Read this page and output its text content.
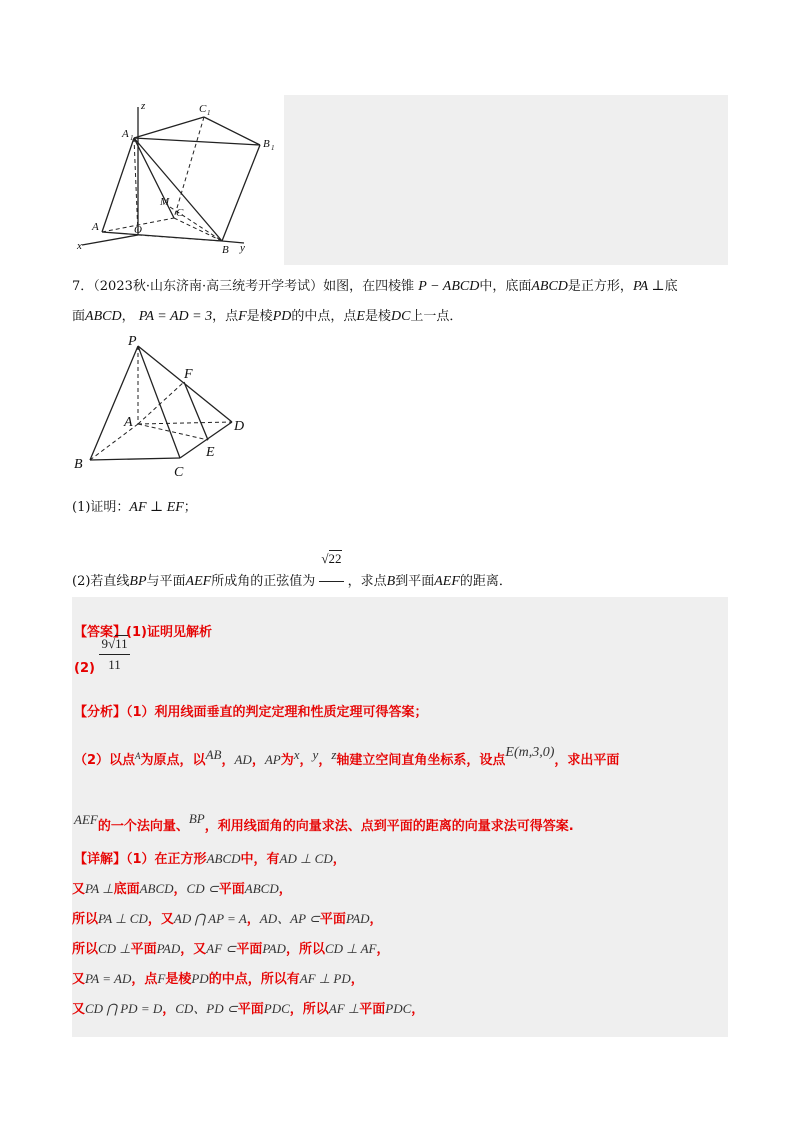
z	C 1
A 1	B 1
M
C
A	O
B
x	y
7．（2023秋·山东济南·高三统考开学考试）如图，在四棱锥 P − ABCD中，底面ABCD是正方形，PA ⊥底
面ABCD， PA = AD = 3，点F是棱PD的中点，点E是棱DC上一点．
P
F
A	D
E
B
C
(1)证明：AF ⊥ EF；
(2)若直线BP与平面AEF所成角的正弦值为
√22
，求点B到平面AEF的距离．
【答案】(1)证明见解析
$(2) \frac{9√11}{11}$
【分析】（1）利用线面垂直的判定定理和性质定理可得答案；
（2）以点$^A$为原点，以AB，AD，AP为x，y，z轴建立空间直角坐标系，设点E(m,3,0)，求出平面
AEF的一个法向量、BP，利用线面角的向量求法、点到平面的距离的向量求法可得答案.
【详解】（1）在正方形ABCD中，有AD ⊥ CD，
又PA ⊥底面ABCD，CD ⊂平面ABCD，
所以PA ⊥ CD，又AD ⋂ AP = A，AD、AP ⊂平面PAD，
所以CD ⊥平面PAD，又AF ⊂平面PAD，所以CD ⊥ AF，
又PA = AD，点F是棱PD的中点，所以有AF ⊥ PD，
又CD ⋂ PD = D，CD、PD ⊂平面PDC，所以AF ⊥平面PDC，
